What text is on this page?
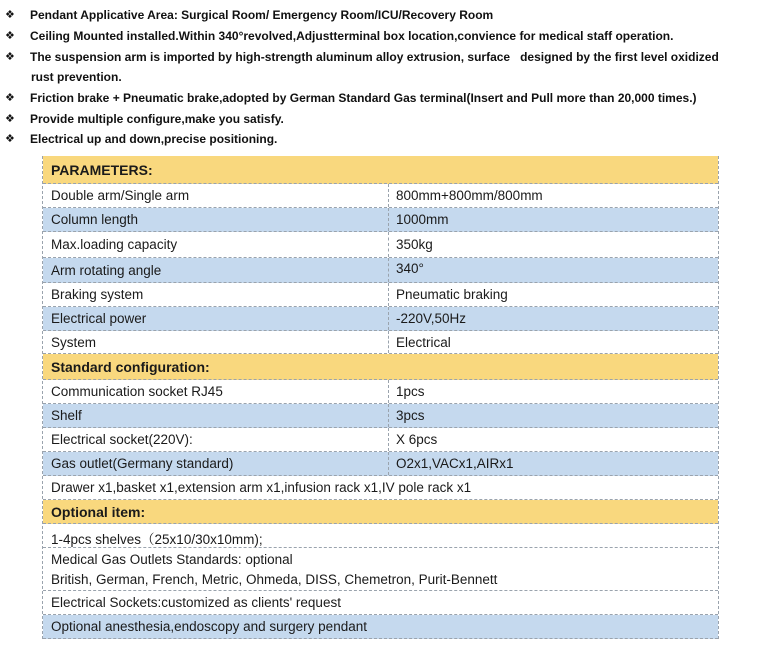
❖ Pendant Applicative Area: Surgical Room/ Emergency Room/ICU/Recovery Room
❖ Ceiling Mounted installed.Within 340°revolved,Adjustterminal box location,convience for medical staff operation.
❖ The suspension arm is imported by high-strength aluminum alloy extrusion, surface   designed by the first level oxidized
rust prevention.
❖ Friction brake + Pneumatic brake,adopted by German Standard Gas terminal(Insert and Pull more than 20,000 times.)
❖ Provide multiple configure,make you satisfy.
❖ Electrical up and down,precise positioning.
PARAMETERS:
Double arm/Single arm	800mm+800mm/800mm
Column length	1000mm
Max.loading capacity	350kg
Arm rotating angle	340°
Braking system	Pneumatic braking
Electrical power	-220V,50Hz
System	Electrical
Standard configuration:
Communication socket RJ45	1pcs
Shelf	3pcs
Electrical socket(220V):	X 6pcs
Gas outlet(Germany standard)	O2x1,VACx1,AIRx1
Drawer x1,basket x1,extension arm x1,infusion rack x1,IV pole rack x1
Optional item:
1-4pcs shelves（25x10/30x10mm);
Medical Gas Outlets Standards: optional
British, German, French, Metric, Ohmeda, DISS, Chemetron, Purit-Bennett
Electrical Sockets:customized as clients' request
Optional anesthesia,endoscopy and surgery pendant
